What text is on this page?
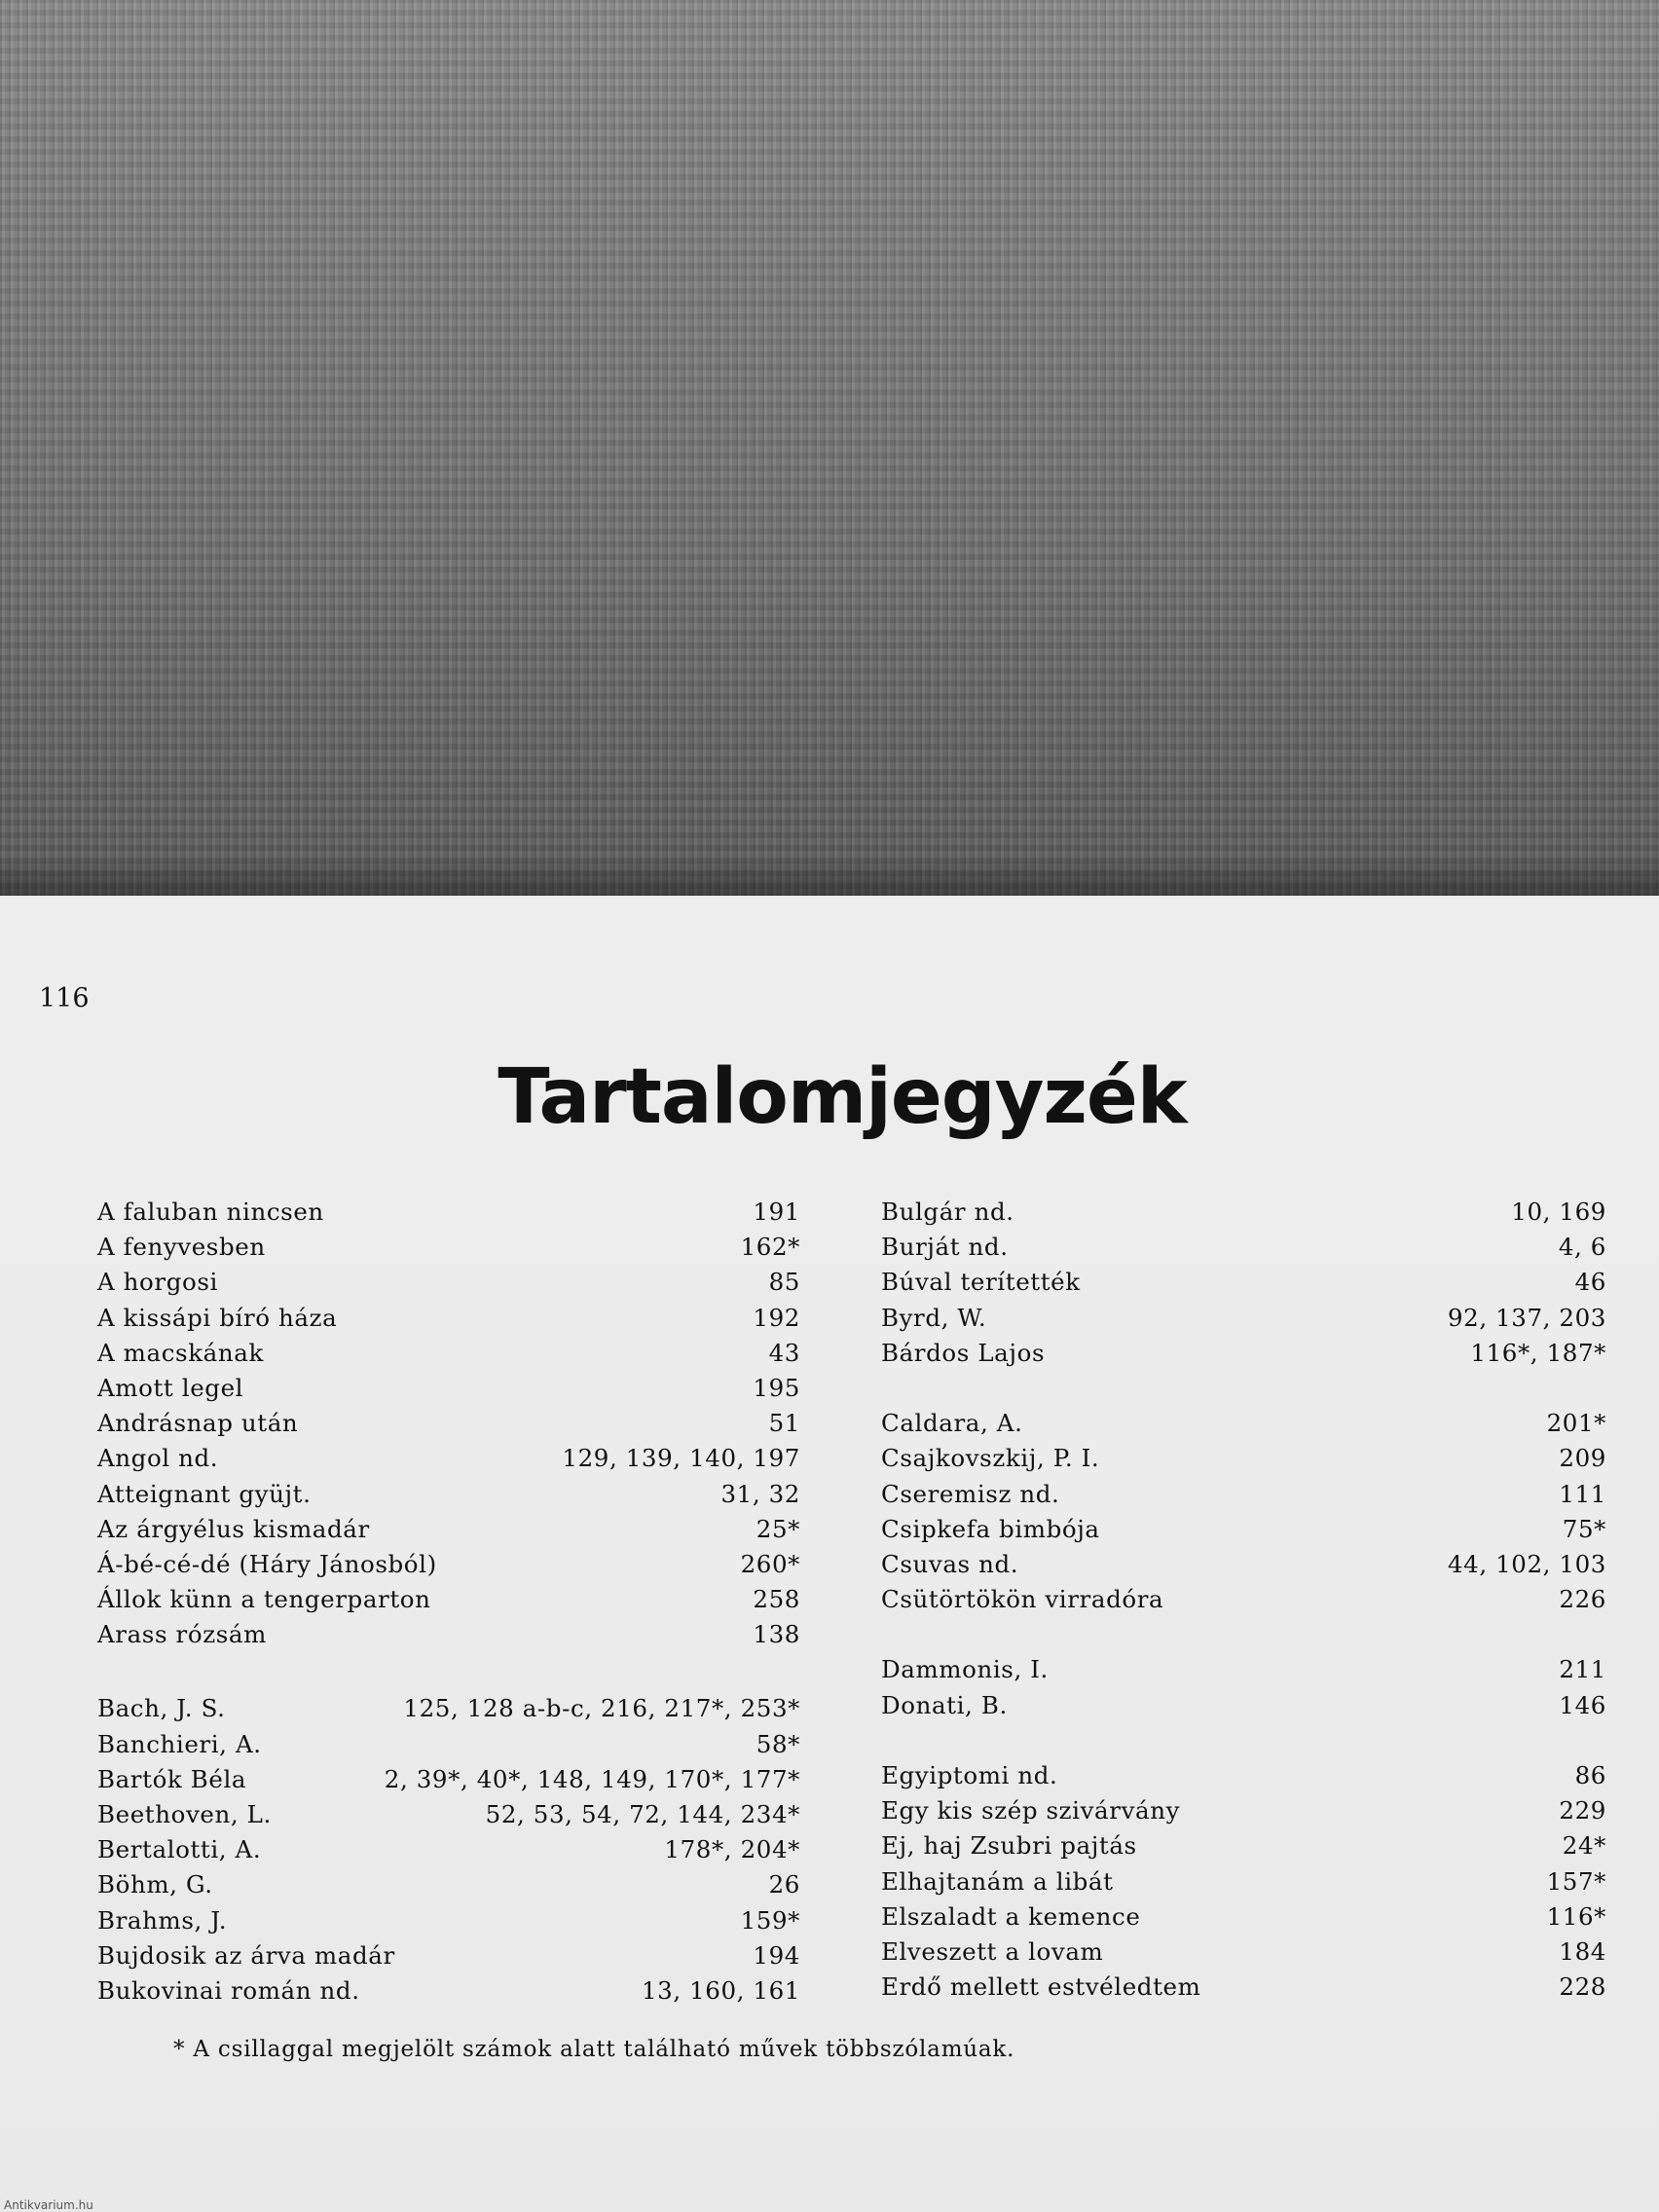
116
Tartalomjegyzék
A faluban nincsen	191
A fenyvesben	162*
A horgosi	85
A kissápi bíró háza	192
A macskának	43
Amott legel	195
Andrásnap után	51
Angol nd.	129, 139, 140, 197
Atteignant gyüjt.	31, 32
Az árgyélus kismadár	25*
Á-bé-cé-dé (Háry Jánosból)	260*
Állok künn a tengerparton	258
Arass rózsám	138
Bach, J. S.	125, 128 a-b-c, 216, 217*, 253*
Banchieri, A.	58*
Bartók Béla	2, 39*, 40*, 148, 149, 170*, 177*
Beethoven, L.	52, 53, 54, 72, 144, 234*
Bertalotti, A.	178*, 204*
Böhm, G.	26
Brahms, J.	159*
Bujdosik az árva madár	194
Bukovinai román nd.	13, 160, 161
Bulgár nd.	10, 169
Burját nd.	4, 6
Búval terítették	46
Byrd, W.	92, 137, 203
Bárdos Lajos	116*, 187*
Caldara, A.	201*
Csajkovszkij, P. I.	209
Cseremisz nd.	111
Csipkefa bimbója	75*
Csuvas nd.	44, 102, 103
Csütörtökön virradóra	226
Dammonis, I.	211
Donati, B.	146
Egyiptomi nd.	86
Egy kis szép szivárvány	229
Ej, haj Zsubri pajtás	24*
Elhajtanám a libát	157*
Elszaladt a kemence	116*
Elveszett a lovam	184
Erdő mellett estvéledtem	228
* A csillaggal megjelölt számok alatt található művek többszólamúak.
Antikvarium.hu
